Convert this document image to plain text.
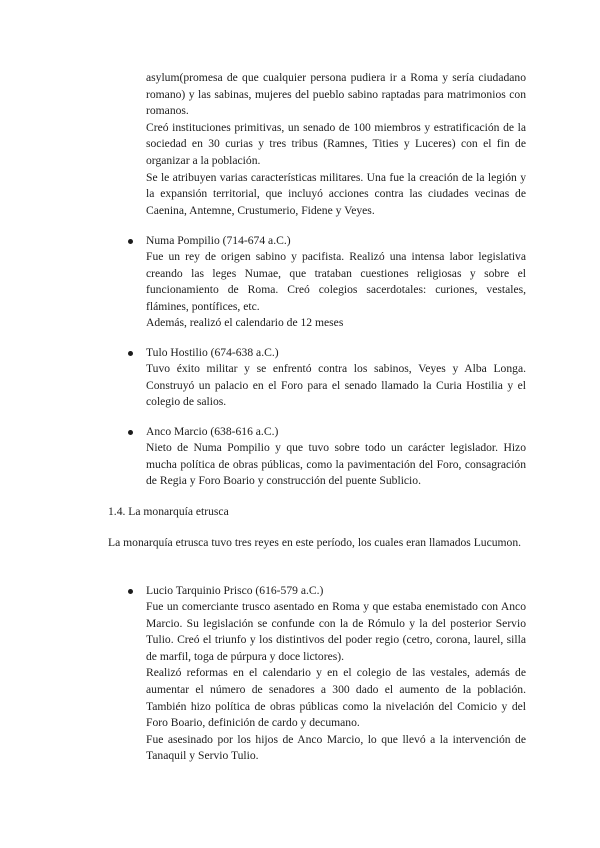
asylum(promesa de que cualquier persona pudiera ir a Roma y sería ciudadano romano) y las sabinas, mujeres del pueblo sabino raptadas para matrimonios con romanos.

Creó instituciones primitivas, un senado de 100 miembros y estratificación de la sociedad en 30 curias y tres tribus (Ramnes, Tities y Luceres) con el fin de organizar a la población.

Se le atribuyen varias características militares. Una fue la creación de la legión y la expansión territorial, que incluyó acciones contra las ciudades vecinas de Caenina, Antemne, Crustumerio, Fidene y Veyes.

Numa Pompilio (714-674 a.C.)

Fue un rey de origen sabino y pacifista. Realizó una intensa labor legislativa creando las leges Numae, que trataban cuestiones religiosas y sobre el funcionamiento de Roma. Creó colegios sacerdotales: curiones, vestales, flámines, pontífices, etc.

Además, realizó el calendario de 12 meses

Tulo Hostilio (674-638 a.C.)

Tuvo éxito militar y se enfrentó contra los sabinos, Veyes y Alba Longa. Construyó un palacio en el Foro para el senado llamado la Curia Hostilia y el colegio de salios.

Anco Marcio (638-616 a.C.)

Nieto de Numa Pompilio y que tuvo sobre todo un carácter legislador. Hizo mucha política de obras públicas, como la pavimentación del Foro, consagración de Regia y Foro Boario y construcción del puente Sublicio.

1.4. La monarquía etrusca
La monarquía etrusca tuvo tres reyes en este período, los cuales eran llamados Lucumon.
Lucio Tarquinio Prisco (616-579 a.C.)

Fue un comerciante trusco asentado en Roma y que estaba enemistado con Anco Marcio. Su legislación se confunde con la de Rómulo y la del posterior Servio Tulio. Creó el triunfo y los distintivos del poder regio (cetro, corona, laurel, silla de marfil, toga de púrpura y doce lictores).

Realizó reformas en el calendario y en el colegio de las vestales, además de aumentar el número de senadores a 300 dado el aumento de la población. También hizo política de obras públicas como la nivelación del Comicio y del Foro Boario, definición de cardo y decumano.

Fue asesinado por los hijos de Anco Marcio, lo que llevó a la intervención de Tanaquil y Servio Tulio.
